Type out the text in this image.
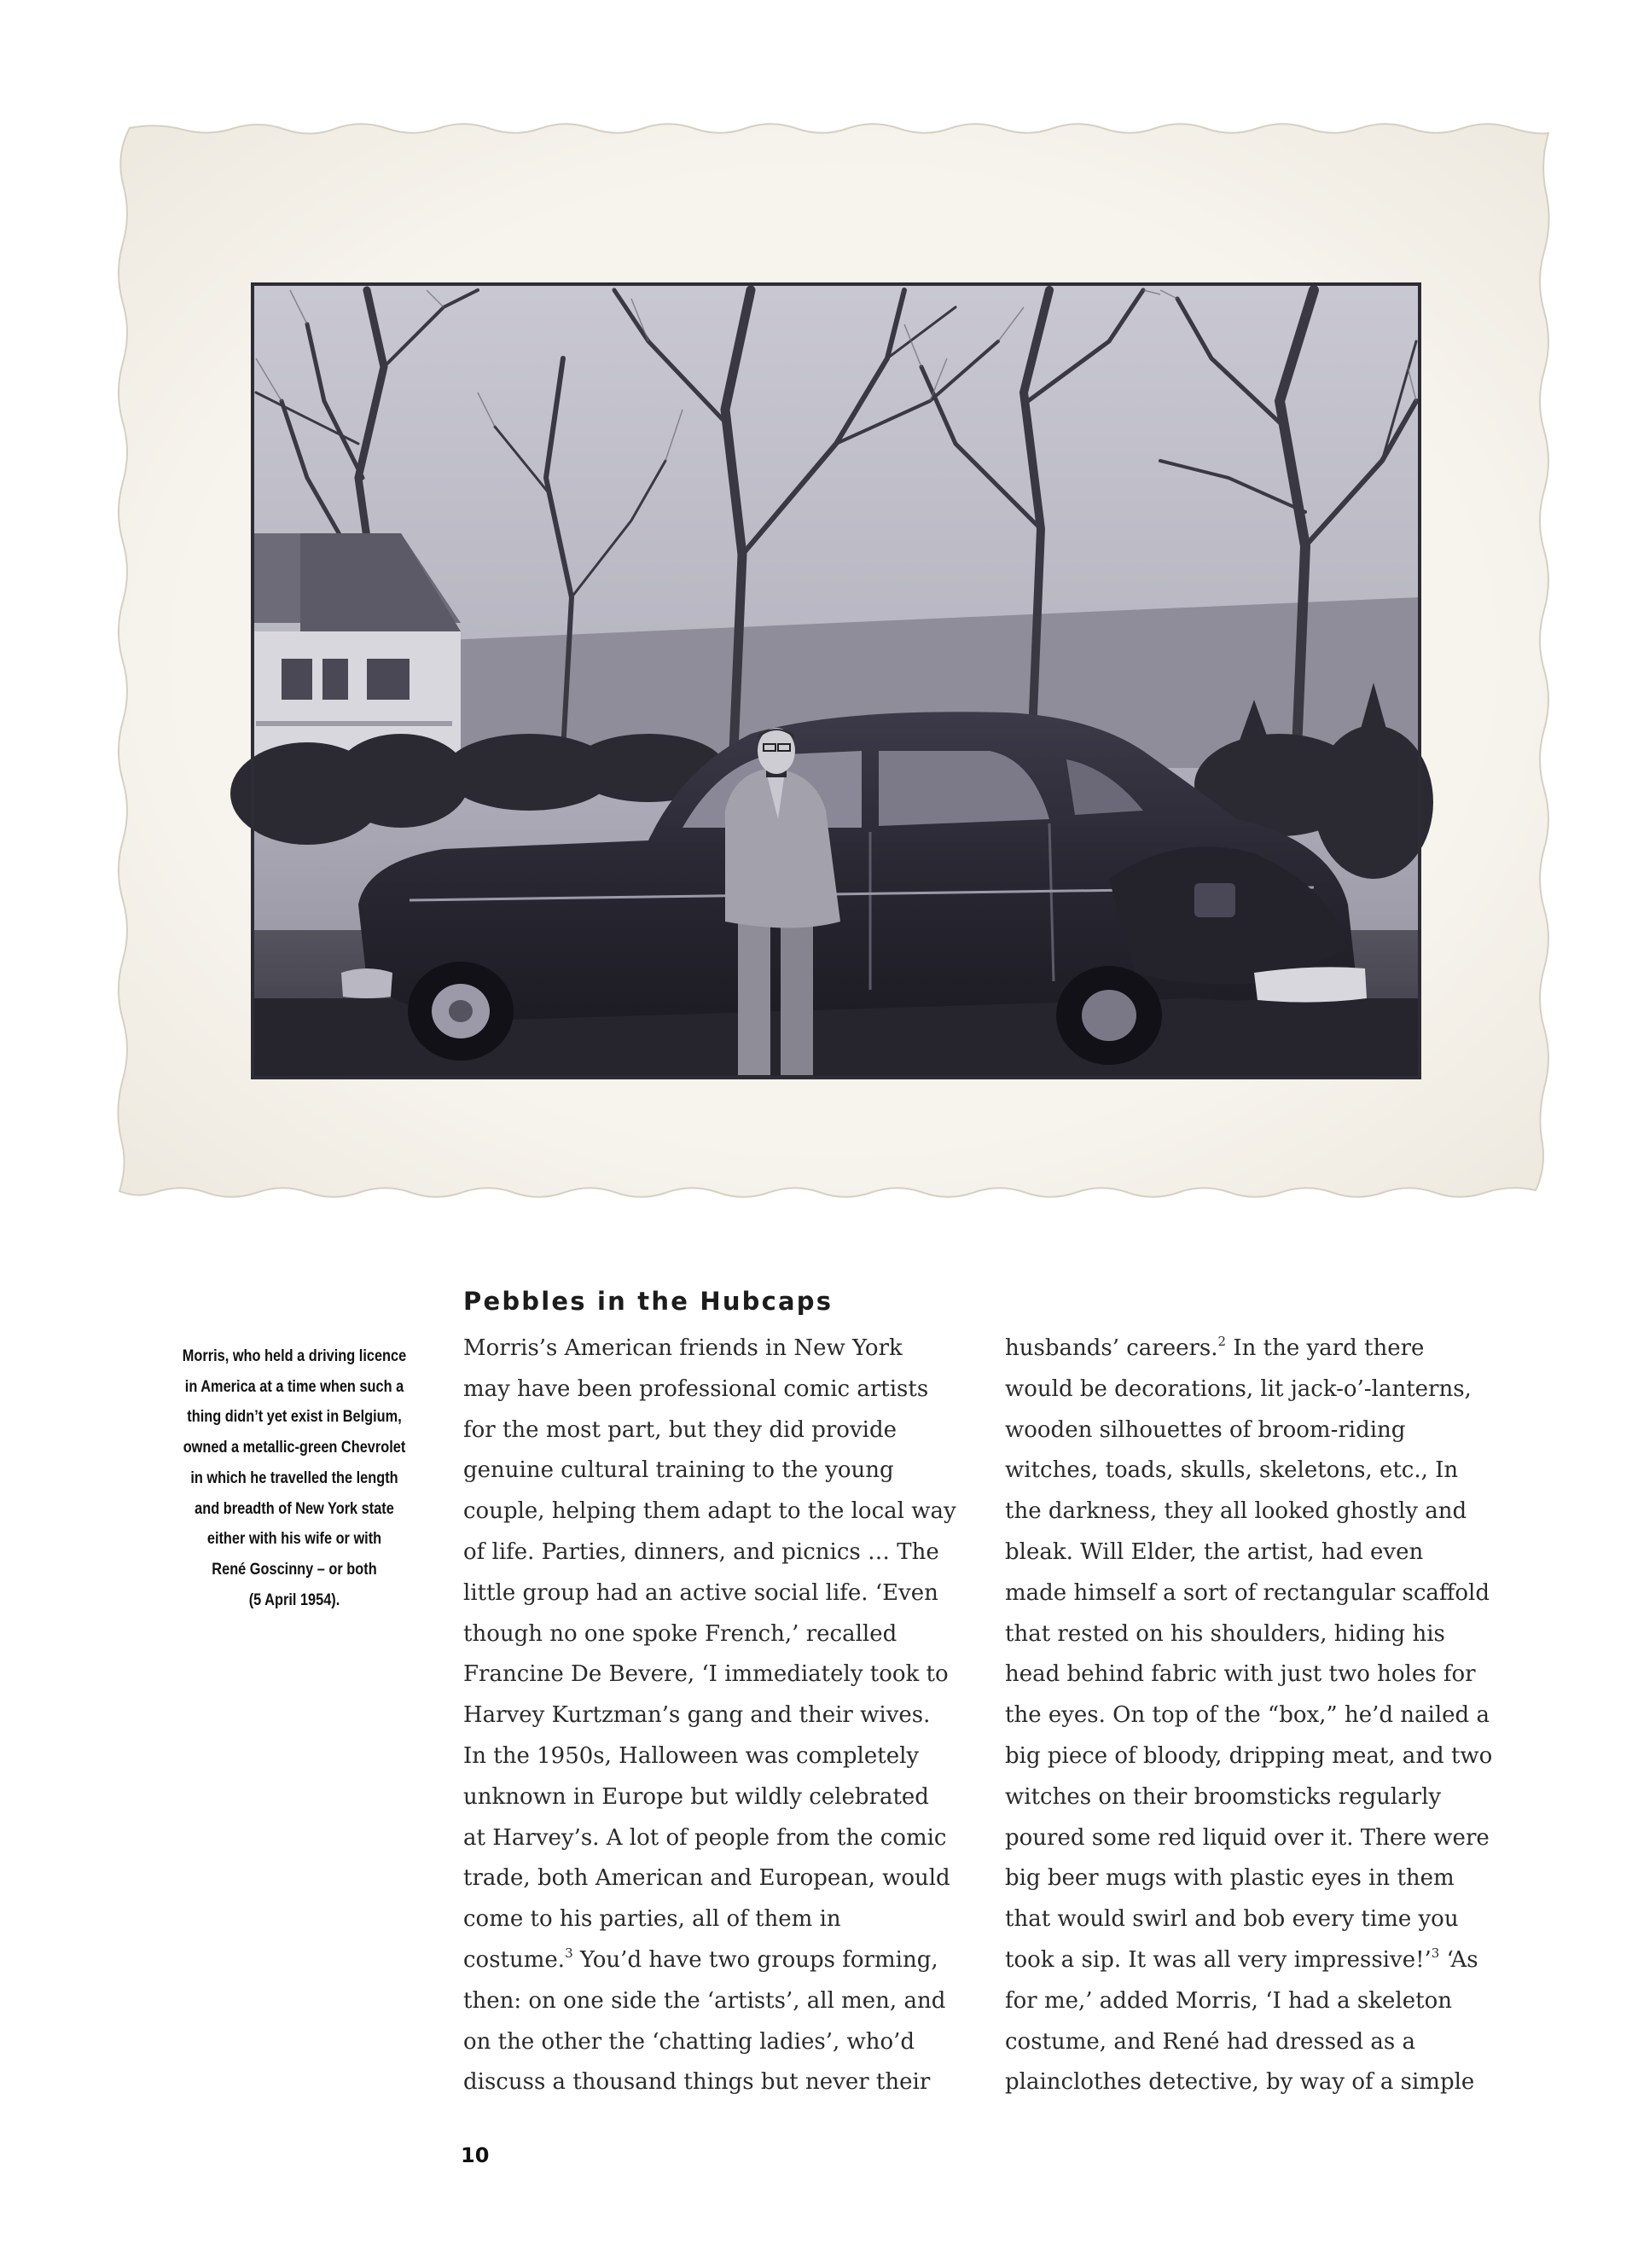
Morris, who held a driving licence
in America at a time when such a
thing didn’t yet exist in Belgium,
owned a metallic-green Chevrolet
in which he travelled the length
and breadth of New York state
either with his wife or with
René Goscinny – or both
(5 April 1954).
Pebbles in the Hubcaps
Morris’s American friends in New York
may have been professional comic artists
for the most part, but they did provide
genuine cultural training to the young
couple, helping them adapt to the local way
of life. Parties, dinners, and picnics … The
little group had an active social life. ‘Even
though no one spoke French,’ recalled
Francine De Bevere, ‘I immediately took to
Harvey Kurtzman’s gang and their wives.
In the 1950s, Halloween was completely
unknown in Europe but wildly celebrated
at Harvey’s. A lot of people from the comic
trade, both American and European, would
come to his parties, all of them in
costume.$^3$ You’d have two groups forming,
then: on one side the ‘artists’, all men, and
on the other the ‘chatting ladies’, who’d
discuss a thousand things but never their
husbands’ careers.$^2$ In the yard there
would be decorations, lit jack-o’-lanterns,
wooden silhouettes of broom-riding
witches, toads, skulls, skeletons, etc., In
the darkness, they all looked ghostly and
bleak. Will Elder, the artist, had even
made himself a sort of rectangular scaffold
that rested on his shoulders, hiding his
head behind fabric with just two holes for
the eyes. On top of the “box,” he’d nailed a
big piece of bloody, dripping meat, and two
witches on their broomsticks regularly
poured some red liquid over it. There were
big beer mugs with plastic eyes in them
that would swirl and bob every time you
took a sip. It was all very impressive!’$^3$ ‘As
for me,’ added Morris, ‘I had a skeleton
costume, and René had dressed as a
plainclothes detective, by way of a simple
10
